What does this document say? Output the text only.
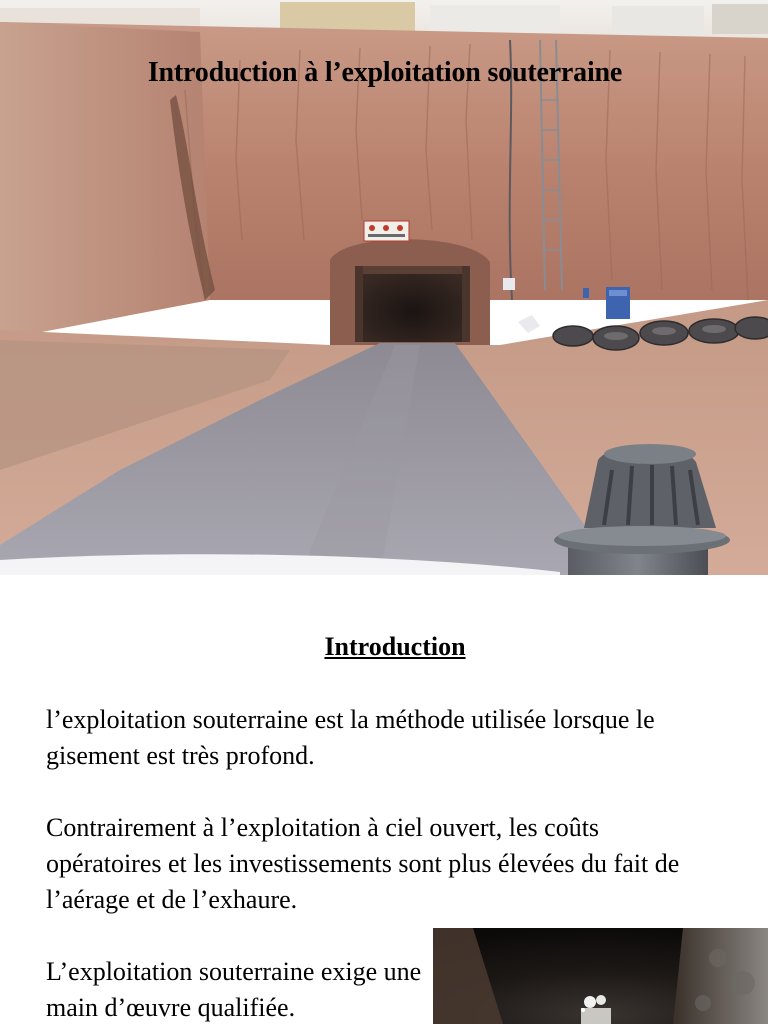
Introduction à l’exploitation souterraine
Introduction

l’exploitation souterraine est la méthode utilisée lorsque le gisement est très profond.

Contrairement à l’exploitation à ciel ouvert, les coûts opératoires et les investissements sont plus élevées du fait de l’aérage et de l’exhaure.

L’exploitation souterraine exige une main d’œuvre qualifiée.
